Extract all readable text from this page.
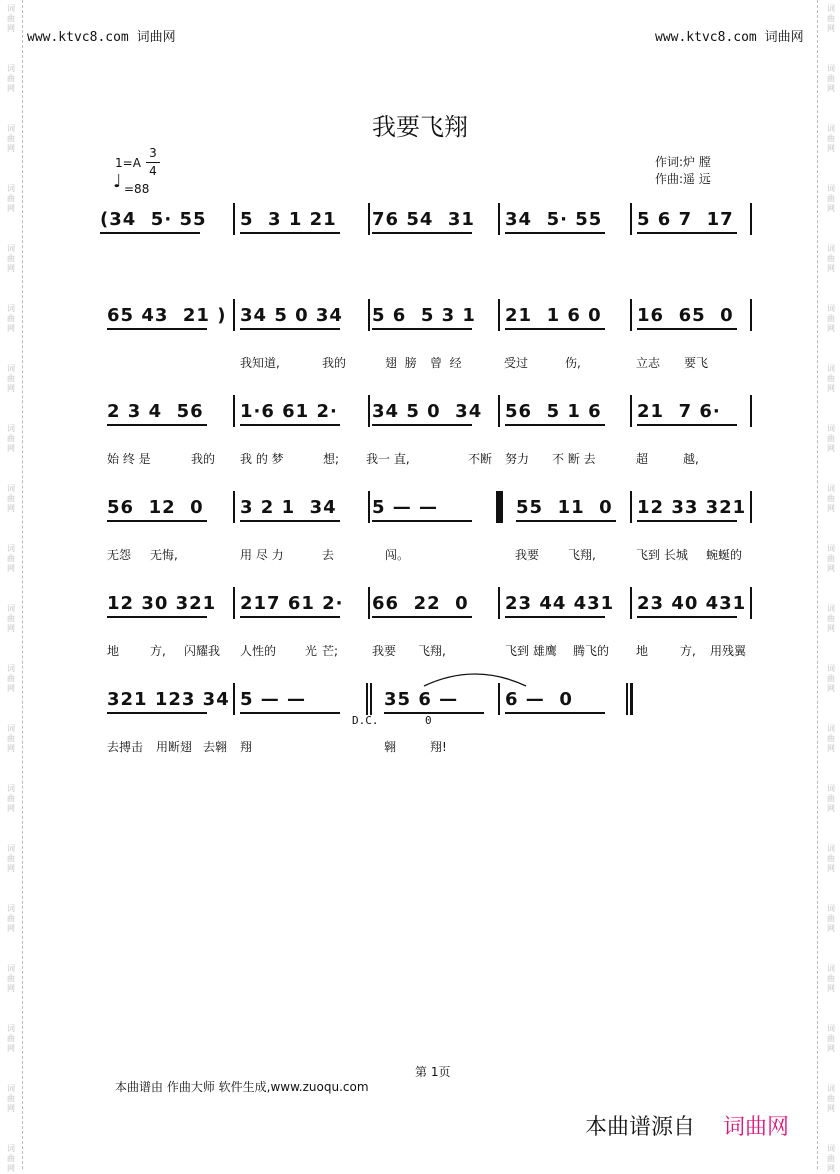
词
曲
网
词
曲
网
词
曲
网
词
曲
网
词
曲
网
词
曲
网
词
曲
网
词
曲
网
词
曲
网
词
曲
网
词
曲
网
词
曲
网
词
曲
网
词
曲
网
词
曲
网
词
曲
网
词
曲
网
词
曲
网
词
曲
网
词
曲
网
词
曲
网
词
曲
网
词
曲
网
词
曲
网
词
曲
网
词
曲
网
词
曲
网
词
曲
网
词
曲
网
词
曲
网
词
曲
网
词
曲
网
词
曲
网
词
曲
网
词
曲
网
词
曲
网
词
曲
网
词
曲
网
词
曲
网
词
曲
网
www.ktvc8.com 词曲网	www.ktvc8.com 词曲网
我要飞翔
1=A
3
4
♩ =88
作词:炉 膛
作曲:遥 远
(34  5· 55 5  3 1 21 76 54  31 34  5· 55 5 6 7  17
65 43  21 ) 34 5 0 34 5 6  5 3 1 21  1 6 0 16  65  0
2 3 4  56 1·6 61 2· 34 5 0  34 56  5 1 6 21  7 6·
56  12  0 3 2 1  34 5 — —	55  11  0 12 33 321
12 30 321 217 61 2· 66  22  0 23 44 431 23 40 431
321 123 34 5 — —	35 6 —	6 —  0
我知道,	我的	翅  膀 曾  经	受过	伤,	立志 要飞
始 终 是	我的 我 的 梦	想; 我一 直,	不断 努力 不 断 去	超	越,
无怨 无悔,	用 尽 力	去	闯。	我要 飞翔,	飞到 长城 蜿蜒的
地	方, 闪耀我 人性的 光 芒;	我要 飞翔,	飞到 雄鹰 腾飞的 地	方, 用残翼
去搏击 用断翅 去翱 翔	翱	翔!
D.C.	0
第 1页
本曲谱由 作曲大师 软件生成,www.zuoqu.com
本曲谱源自 词曲网
